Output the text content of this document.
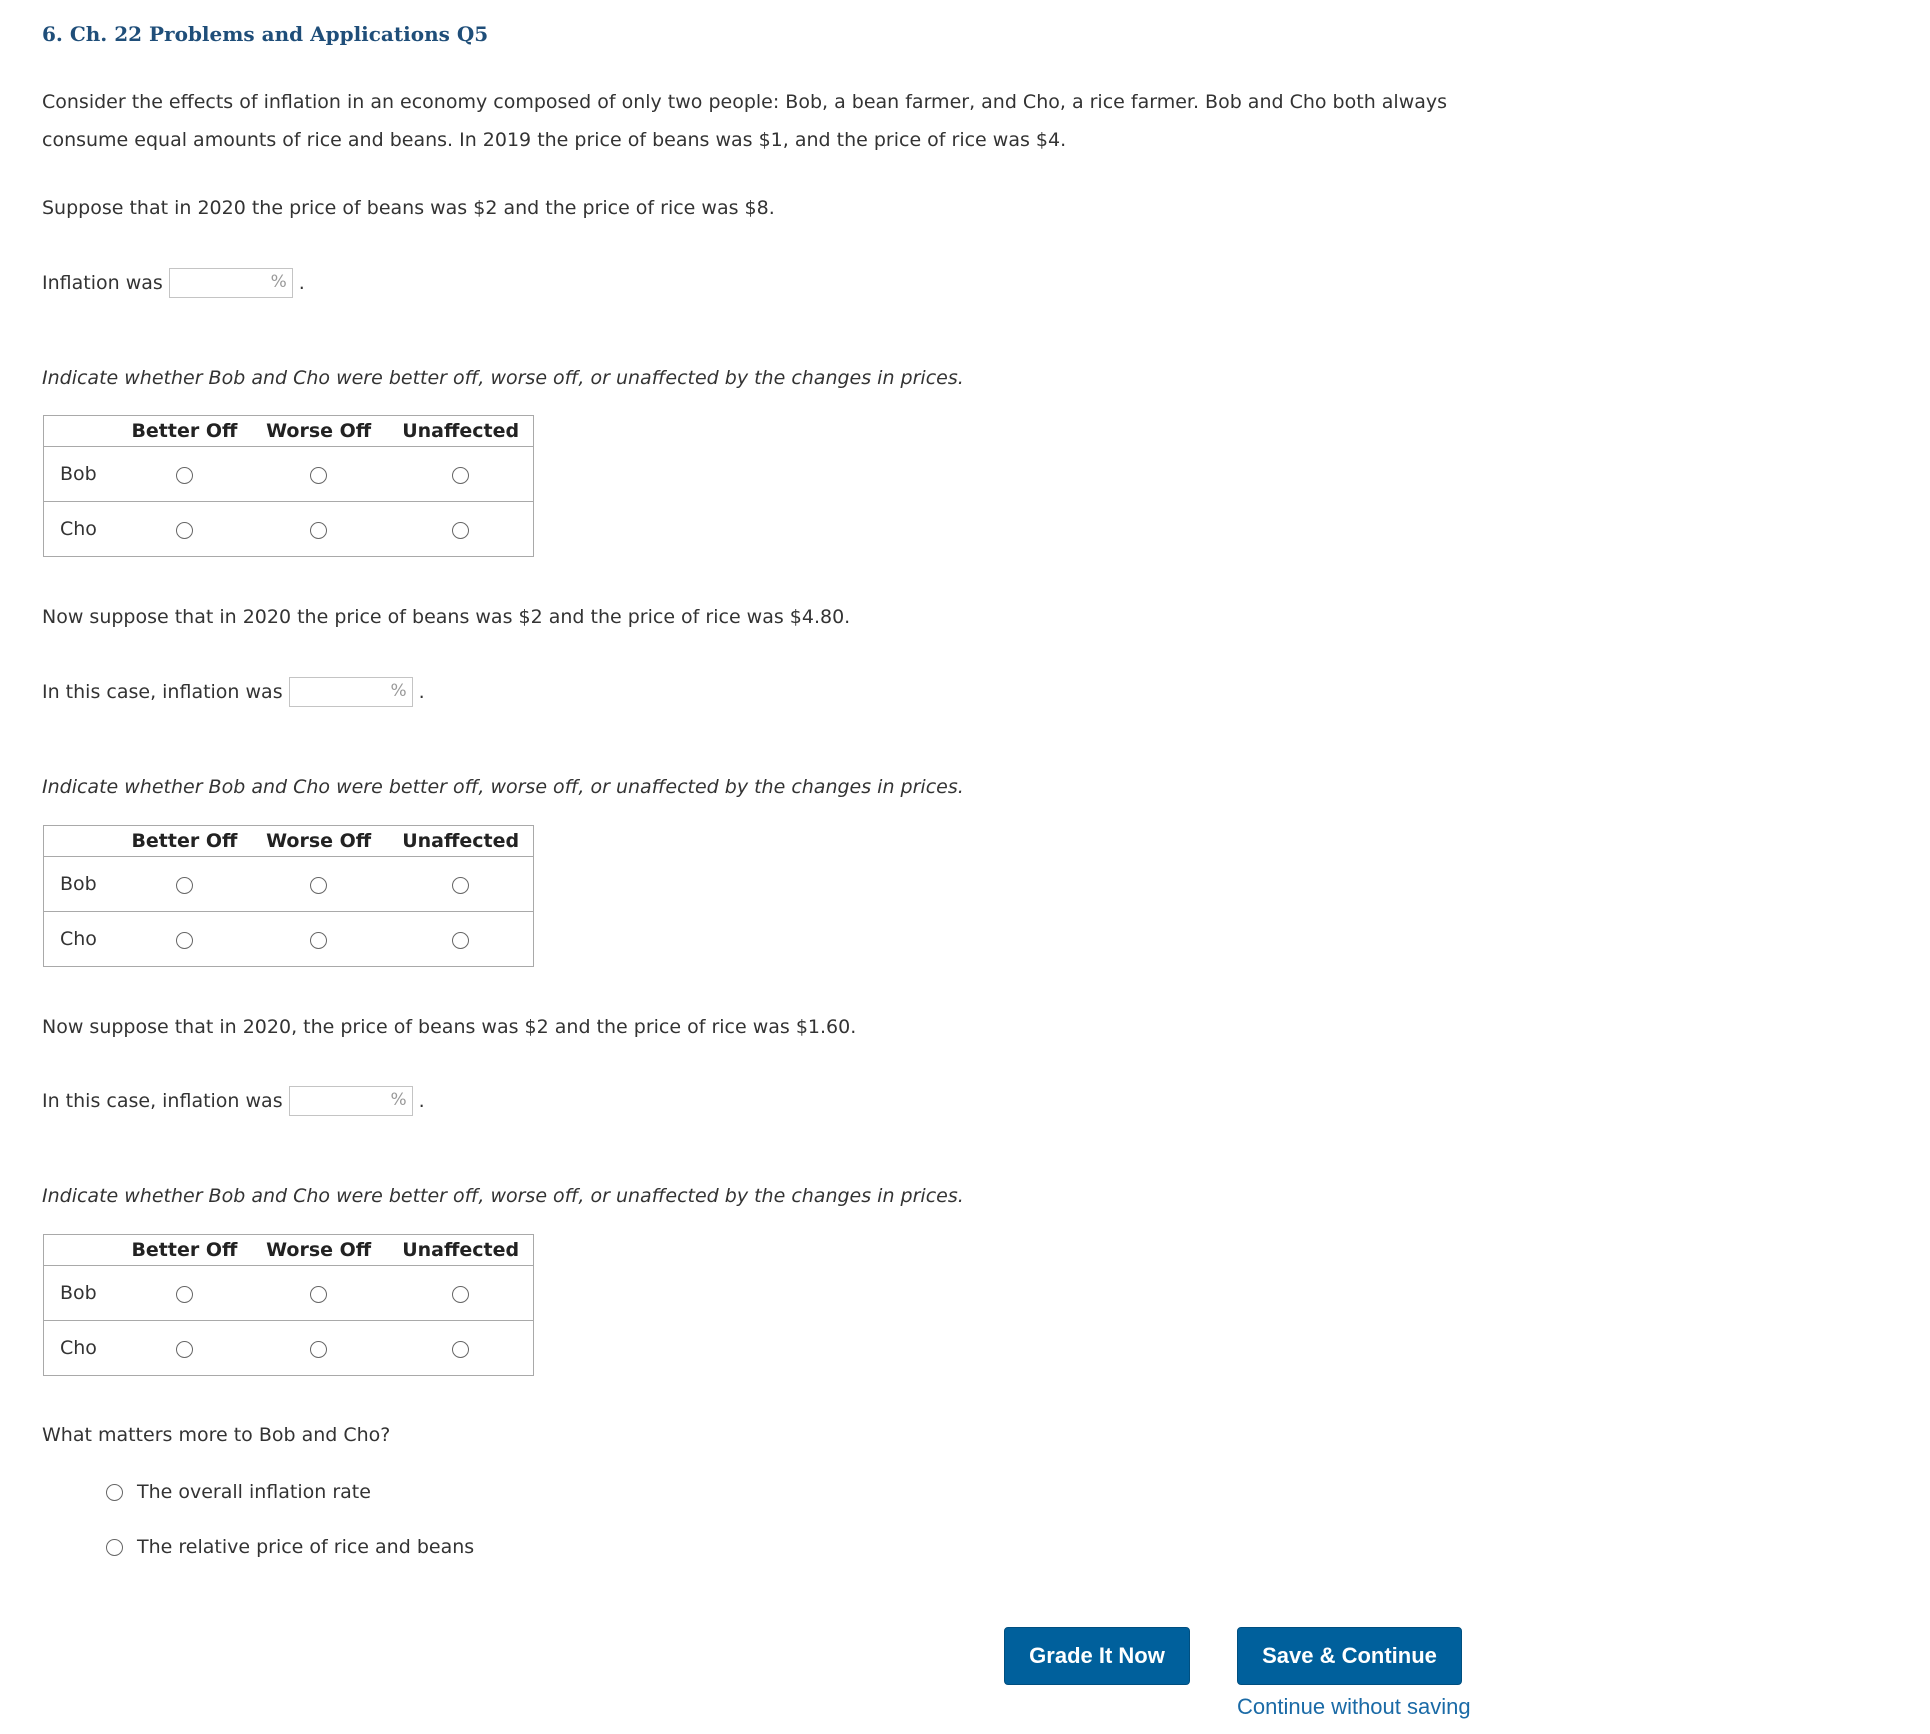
6. Ch. 22 Problems and Applications Q5
Consider the effects of inflation in an economy composed of only two people: Bob, a bean farmer, and Cho, a rice farmer. Bob and Cho both always
consume equal amounts of rice and beans. In 2019 the price of beans was $1, and the price of rice was $4.
Suppose that in 2020 the price of beans was $2 and the price of rice was $8.
Inflation was	% .
Indicate whether Bob and Cho were better off, worse off, or unaffected by the changes in prices.
	Better Off	Worse Off	Unaffected
Bob			
Cho			
Now suppose that in 2020 the price of beans was $2 and the price of rice was $4.80.
In this case, inflation was	% .
Indicate whether Bob and Cho were better off, worse off, or unaffected by the changes in prices.
	Better Off	Worse Off	Unaffected
Bob			
Cho			
Now suppose that in 2020, the price of beans was $2 and the price of rice was $1.60.
In this case, inflation was	% .
Indicate whether Bob and Cho were better off, worse off, or unaffected by the changes in prices.
	Better Off	Worse Off	Unaffected
Bob			
Cho			
What matters more to Bob and Cho?
The overall inflation rate
The relative price of rice and beans
Grade It Now	Save & Continue
Continue without saving
